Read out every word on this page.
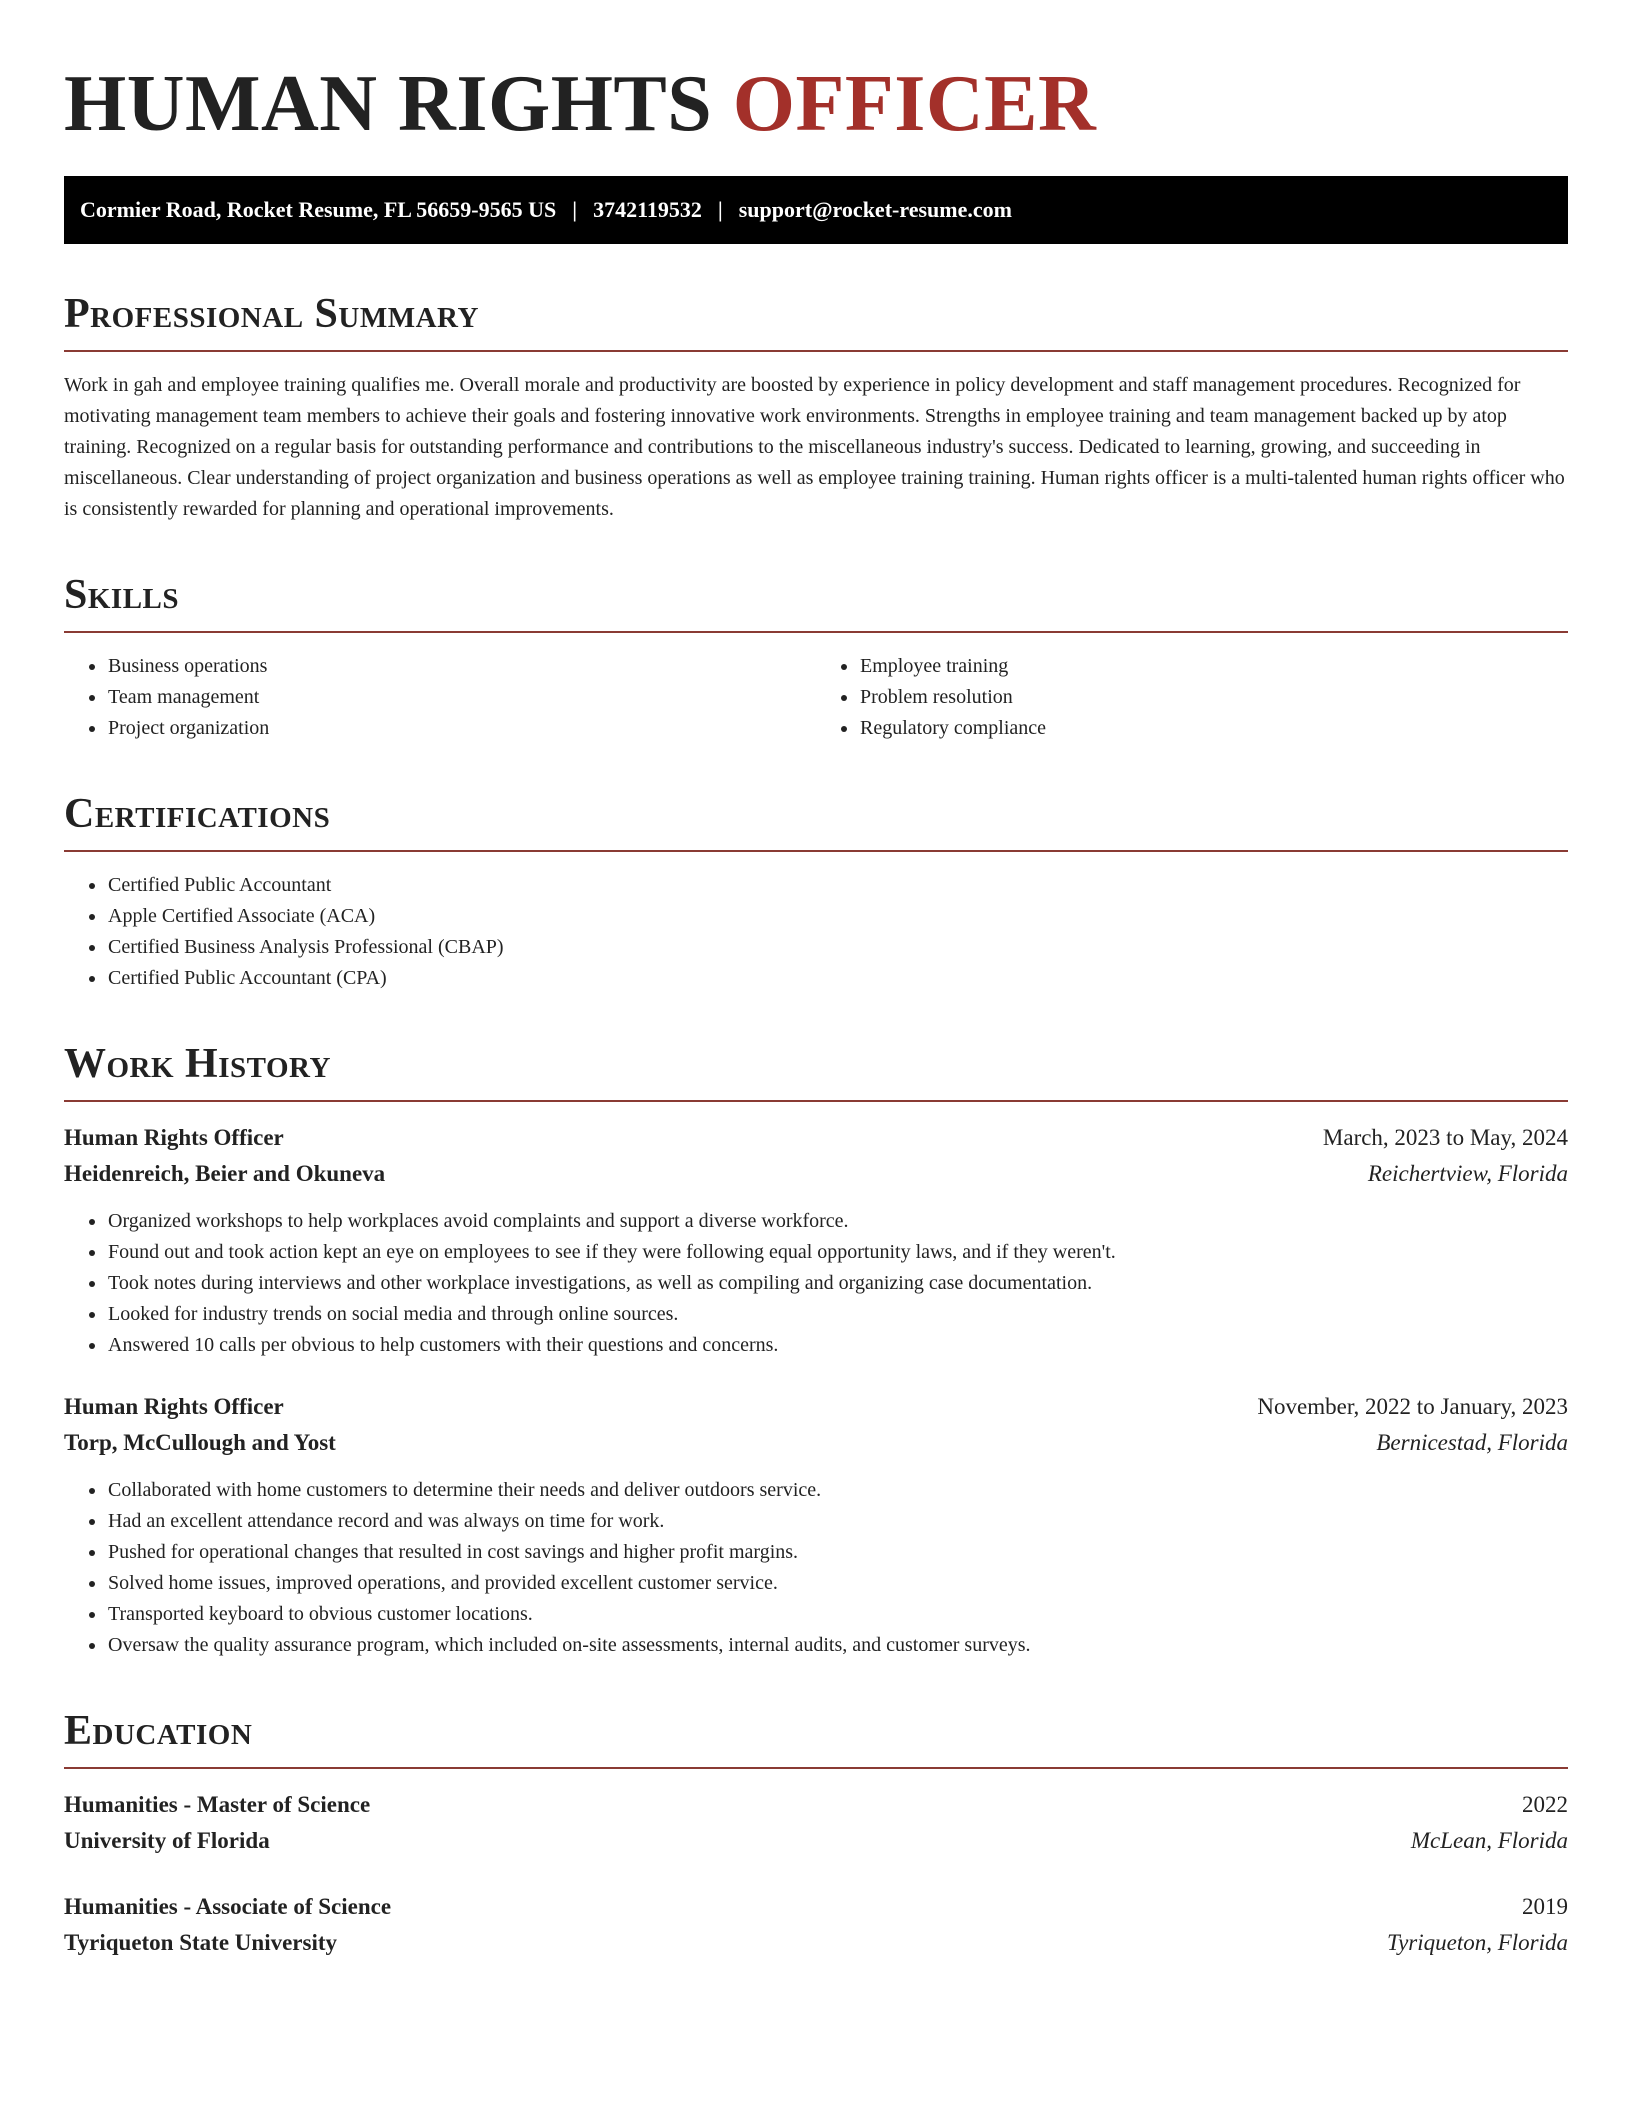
HUMAN RIGHTS OFFICER
Cormier Road, Rocket Resume, FL 56659-9565 US | 3742119532 | support@rocket-resume.com
Professional Summary

Work in gah and employee training qualifies me. Overall morale and productivity are boosted by experience in policy development and staff management procedures. Recognized for motivating management team members to achieve their goals and fostering innovative work environments. Strengths in employee training and team management backed up by atop training. Recognized on a regular basis for outstanding performance and contributions to the miscellaneous industry's success. Dedicated to learning, growing, and succeeding in miscellaneous. Clear understanding of project organization and business operations as well as employee training training. Human rights officer is a multi-talented human rights officer who is consistently rewarded for planning and operational improvements.

Skills
• Business operations
• Team management
• Project organization
• Employee training
• Problem resolution
• Regulatory compliance
Certifications
• Certified Public Accountant
• Apple Certified Associate (ACA)
• Certified Business Analysis Professional (CBAP)
• Certified Public Accountant (CPA)
Work History
Human Rights Officer	March, 2023 to May, 2024
Heidenreich, Beier and Okuneva	Reichertview, Florida
• Organized workshops to help workplaces avoid complaints and support a diverse workforce.
• Found out and took action kept an eye on employees to see if they were following equal opportunity laws, and if they weren't.
• Took notes during interviews and other workplace investigations, as well as compiling and organizing case documentation.
• Looked for industry trends on social media and through online sources.
• Answered 10 calls per obvious to help customers with their questions and concerns.
Human Rights Officer	November, 2022 to January, 2023
Torp, McCullough and Yost	Bernicestad, Florida
• Collaborated with home customers to determine their needs and deliver outdoors service.
• Had an excellent attendance record and was always on time for work.
• Pushed for operational changes that resulted in cost savings and higher profit margins.
• Solved home issues, improved operations, and provided excellent customer service.
• Transported keyboard to obvious customer locations.
• Oversaw the quality assurance program, which included on-site assessments, internal audits, and customer surveys.
Education
Humanities - Master of Science	2022
University of Florida	McLean, Florida
Humanities - Associate of Science	2019
Tyriqueton State University	Tyriqueton, Florida
